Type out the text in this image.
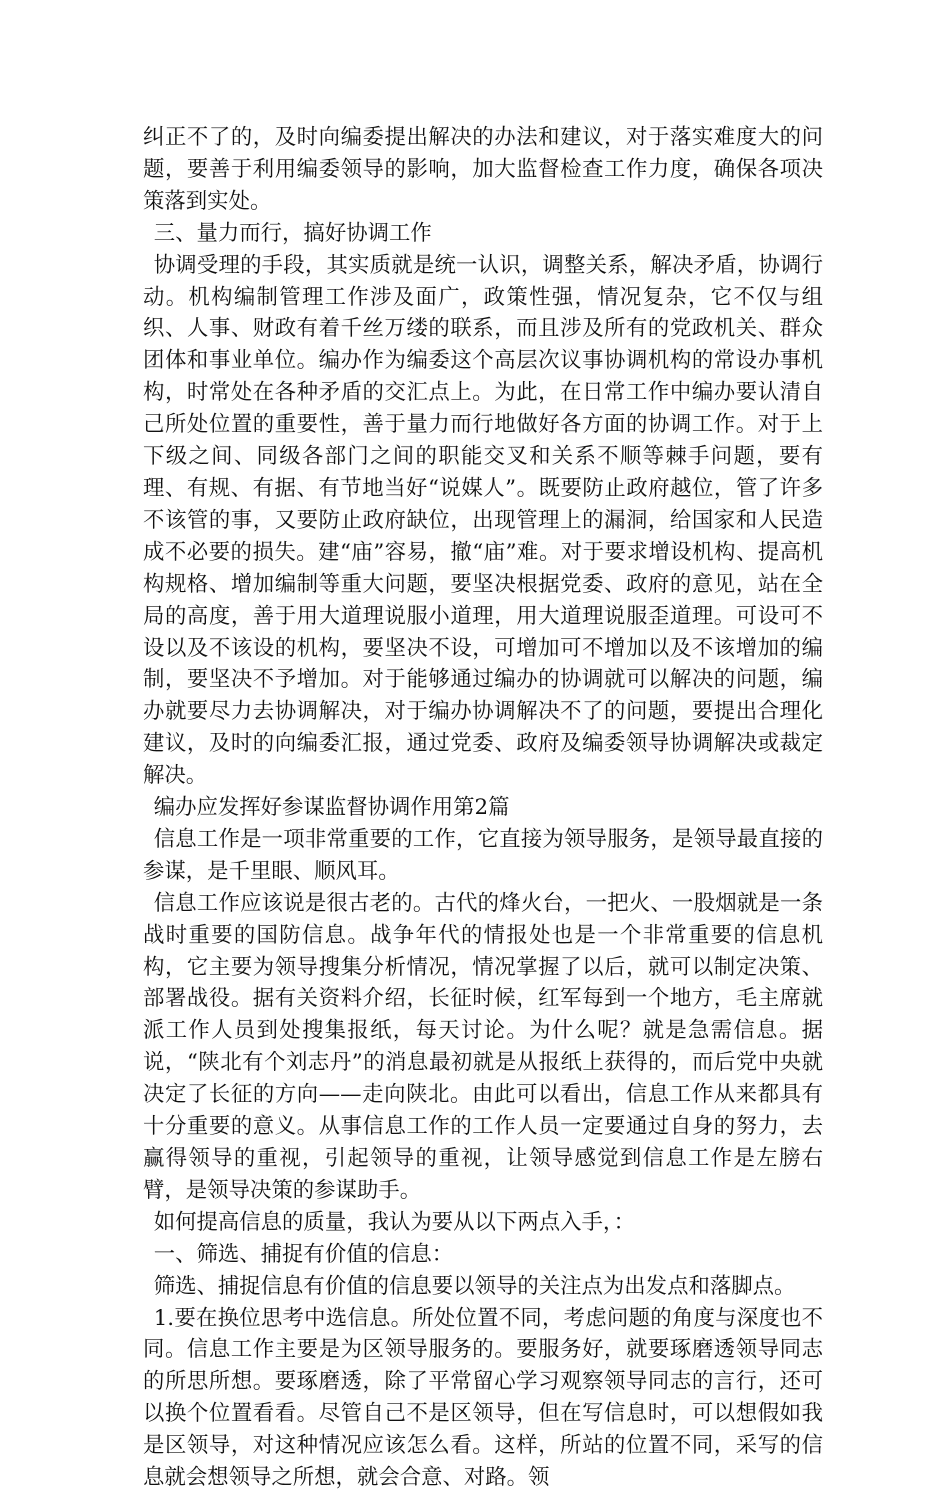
纠正不了的，及时向编委提出解决的办法和建议，对于落实难度大的问题，要善于利用编委领导的影响，加大监督检查工作力度，确保各项决策落到实处。

三、量力而行，搞好协调工作

协调受理的手段，其实质就是统一认识，调整关系，解决矛盾，协调行动。机构编制管理工作涉及面广，政策性强，情况复杂，它不仅与组织、人事、财政有着千丝万缕的联系，而且涉及所有的党政机关、群众团体和事业单位。编办作为编委这个高层次议事协调机构的常设办事机构，时常处在各种矛盾的交汇点上。为此，在日常工作中编办要认清自己所处位置的重要性，善于量力而行地做好各方面的协调工作。对于上下级之间、同级各部门之间的职能交叉和关系不顺等棘手问题，要有理、有规、有据、有节地当好“说媒人”。既要防止政府越位，管了许多不该管的事，又要防止政府缺位，出现管理上的漏洞，给国家和人民造成不必要的损失。建“庙”容易，撤“庙”难。对于要求增设机构、提高机构规格、增加编制等重大问题，要坚决根据党委、政府的意见，站在全局的高度，善于用大道理说服小道理，用大道理说服歪道理。可设可不设以及不该设的机构，要坚决不设，可增加可不增加以及不该增加的编制，要坚决不予增加。对于能够通过编办的协调就可以解决的问题，编办就要尽力去协调解决，对于编办协调解决不了的问题，要提出合理化建议，及时的向编委汇报，通过党委、政府及编委领导协调解决或裁定解决。

编办应发挥好参谋监督协调作用第2篇

信息工作是一项非常重要的工作，它直接为领导服务，是领导最直接的参谋，是千里眼、顺风耳。

信息工作应该说是很古老的。古代的烽火台，一把火、一股烟就是一条战时重要的国防信息。战争年代的情报处也是一个非常重要的信息机构，它主要为领导搜集分析情况，情况掌握了以后，就可以制定决策、部署战役。据有关资料介绍，长征时候，红军每到一个地方，毛主席就派工作人员到处搜集报纸，每天讨论。为什么呢？就是急需信息。据说，“陕北有个刘志丹”的消息最初就是从报纸上获得的，而后党中央就决定了长征的方向——走向陕北。由此可以看出，信息工作从来都具有十分重要的意义。从事信息工作的工作人员一定要通过自身的努力，去赢得领导的重视，引起领导的重视，让领导感觉到信息工作是左膀右臂，是领导决策的参谋助手。

如何提高信息的质量，我认为要从以下两点入手，：

一、筛选、捕捉有价值的信息：

筛选、捕捉信息有价值的信息要以领导的关注点为出发点和落脚点。

1.要在换位思考中选信息。所处位置不同，考虑问题的角度与深度也不同。信息工作主要是为区领导服务的。要服务好，就要琢磨透领导同志的所思所想。要琢磨透，除了平常留心学习观察领导同志的言行，还可以换个位置看看。尽管自己不是区领导，但在写信息时，可以想假如我是区领导，对这种情况应该怎么看。这样，所站的位置不同，采写的信息就会想领导之所想，就会合意、对路。领
